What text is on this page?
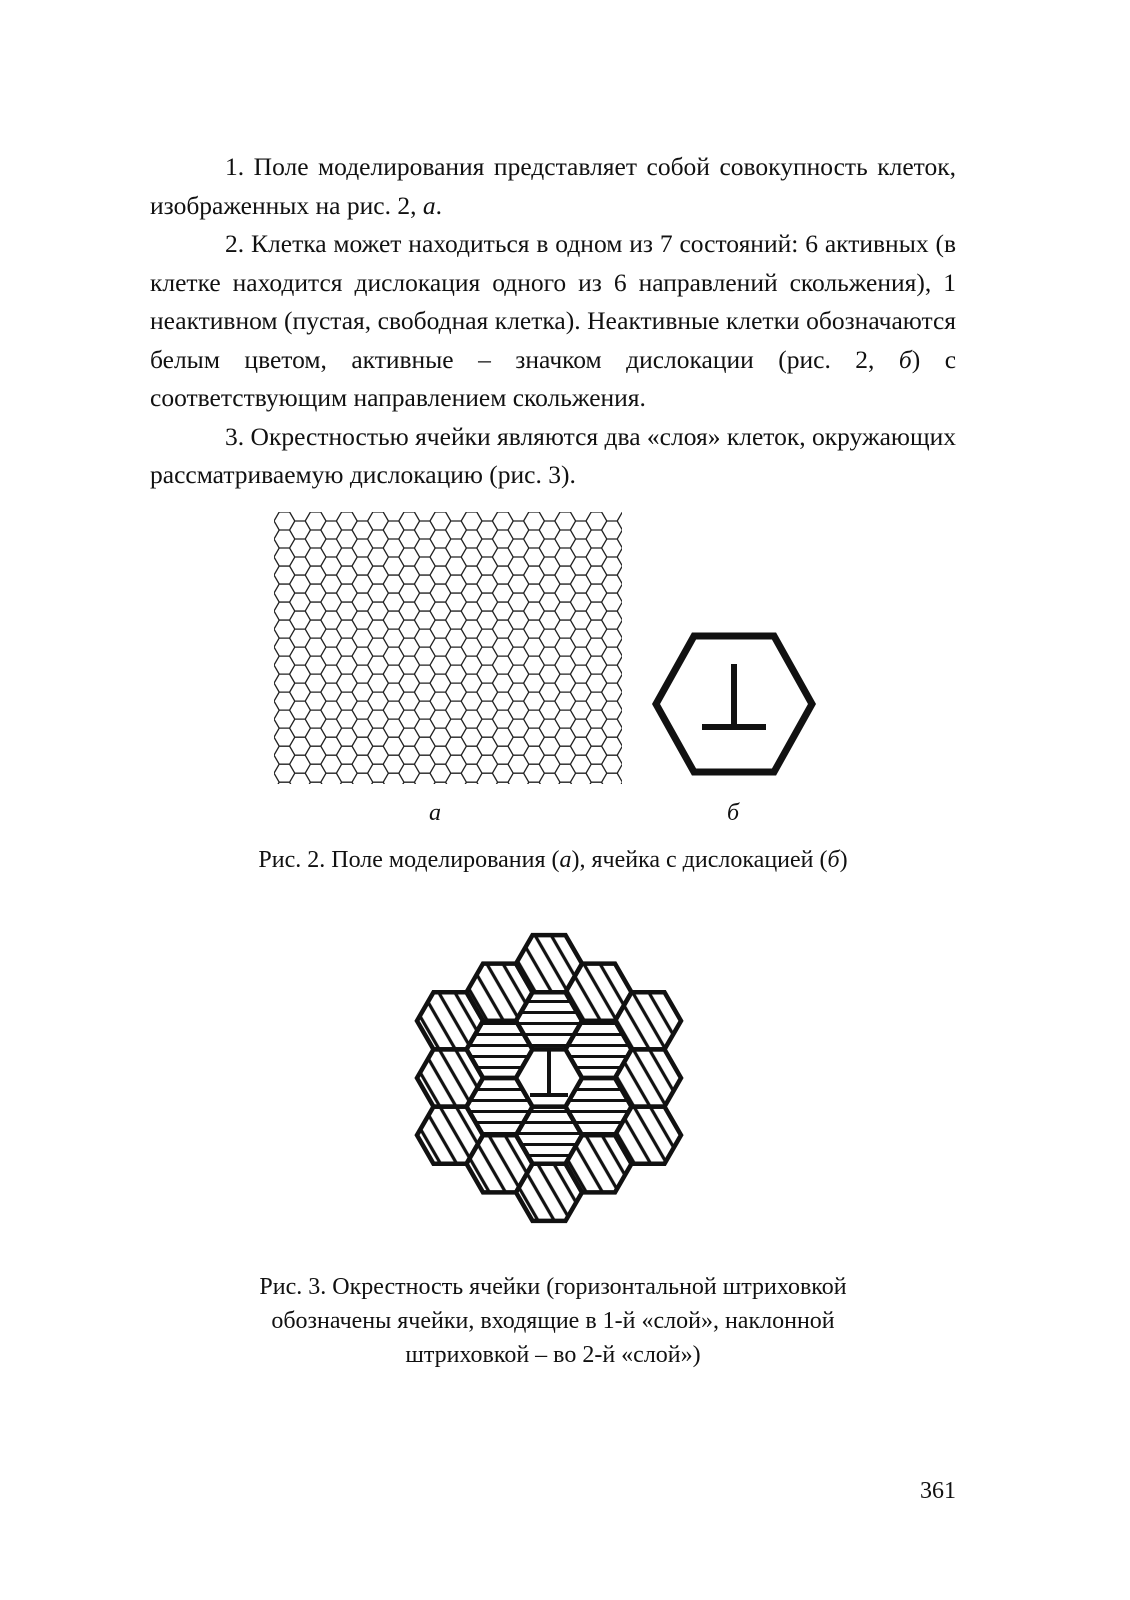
1. Поле моделирования представляет собой совокупность клеток, изображенных на рис. 2, а.

2. Клетка может находиться в одном из 7 состояний: 6 активных (в клетке находится дислокация одного из 6 направлений скольжения), 1 неактивном (пустая, свободная клетка). Неактивные клетки обозначаются белым цветом, активные – значком дислокации (рис. 2, б) с соответствующим направлением скольжения.

3. Окрестностью ячейки являются два «слоя» клеток, окружающих рассматриваемую дислокацию (рис. 3).

а	б
Рис. 2. Поле моделирования (а), ячейка с дислокацией (б)
Рис. 3. Окрестность ячейки (горизонтальной штриховкой
обозначены ячейки, входящие в 1-й «слой», наклонной
штриховкой – во 2-й «слой»)
361
